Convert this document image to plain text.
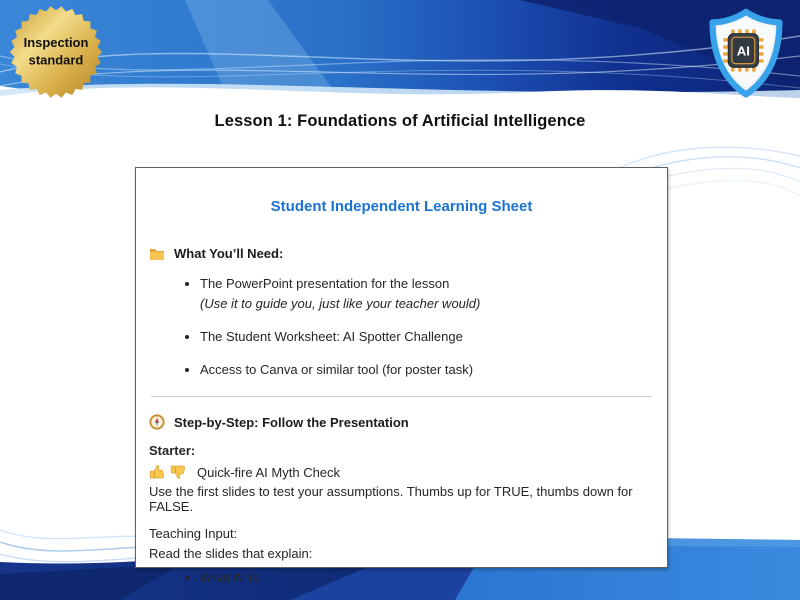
Inspection
standard
AI
Lesson 1: Foundations of Artificial Intelligence
Student Independent Learning Sheet
What You’ll Need:
• The PowerPoint presentation for the lesson
(Use it to guide you, just like your teacher would)
• The Student Worksheet: AI Spotter Challenge
• Access to Canva or similar tool (for poster task)
Step-by-Step: Follow the Presentation
Starter:
Quick-fire AI Myth Check
Use the first slides to test your assumptions. Thumbs up for TRUE, thumbs down for FALSE.
Teaching Input:
Read the slides that explain:
• What AI is
